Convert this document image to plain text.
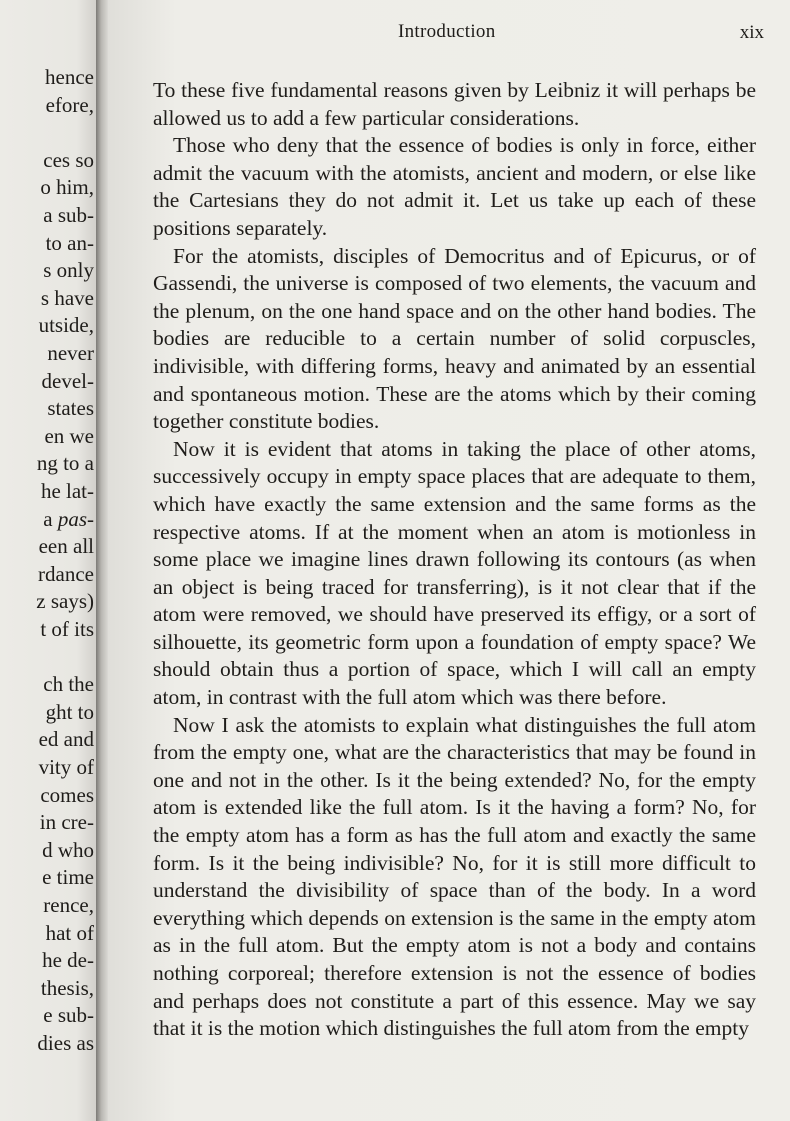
hence

efore,

ces so

o him,

a sub-

to an-

s only

s have

utside,

never

devel-

states

en we

ng to a

he lat-

a pas-

een all

rdance

z says)

t of its

ch the

ght to

ed and

vity of

comes

in cre-

d who

e time

rence,

hat of

he de-

thesis,

e sub-

dies as

Introduction	xix

To these five fundamental reasons given by Leibniz it will perhaps be allowed us to add a few particular considerations.

Those who deny that the essence of bodies is only in force, either admit the vacuum with the atomists, ancient and modern, or else like the Cartesians they do not admit it. Let us take up each of these positions separately.

For the atomists, disciples of Democritus and of Epicurus, or of Gassendi, the universe is composed of two elements, the vacuum and the plenum, on the one hand space and on the other hand bodies. The bodies are reducible to a certain number of solid corpuscles, indivisible, with differing forms, heavy and animated by an essential and spontaneous motion. These are the atoms which by their coming together constitute bodies.

Now it is evident that atoms in taking the place of other atoms, successively occupy in empty space places that are adequate to them, which have exactly the same extension and the same forms as the respective atoms. If at the moment when an atom is motionless in some place we imagine lines drawn following its contours (as when an object is being traced for transferring), is it not clear that if the atom were removed, we should have preserved its effigy, or a sort of silhouette, its geometric form upon a foundation of empty space? We should obtain thus a portion of space, which I will call an empty atom, in contrast with the full atom which was there before.

Now I ask the atomists to explain what distinguishes the full atom from the empty one, what are the characteristics that may be found in one and not in the other. Is it the being extended? No, for the empty atom is extended like the full atom. Is it the having a form? No, for the empty atom has a form as has the full atom and exactly the same form. Is it the being indivisible? No, for it is still more difficult to understand the divisibility of space than of the body. In a word everything which depends on extension is the same in the empty atom as in the full atom. But the empty atom is not a body and contains nothing corporeal; therefore extension is not the essence of bodies and perhaps does not constitute a part of this essence. May we say that it is the motion which distinguishes the full atom from the empty
